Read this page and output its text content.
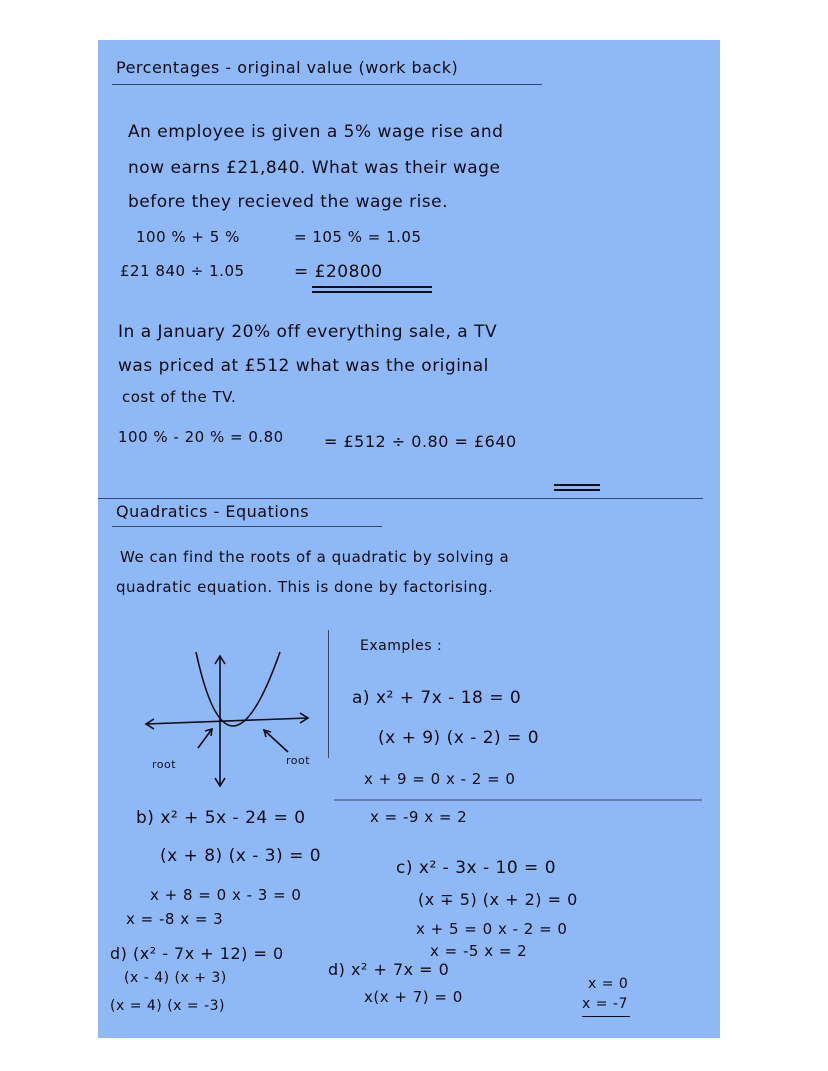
Percentages - original value (work back)
An employee is given a 5% wage rise and
now earns £21,840. What was their wage
before they recieved the wage rise.
100 % + 5 %	= 105 % = 1.05
£21 840 ÷ 1.05	= £20800
In a January 20% off everything sale, a TV
was priced at £512 what was the original
cost of the TV.
100 % - 20 % = 0.80	= £512 ÷ 0.80 = £640
Quadratics - Equations
We can find the roots of a quadratic by solving a
quadratic equation. This is done by factorising.
root	root
Examples :
a) x² + 7x - 18 = 0
(x + 9) (x - 2) = 0
x + 9 = 0 x - 2 = 0
x = -9 x = 2
b) x² + 5x - 24 = 0
(x + 8) (x - 3) = 0
x + 8 = 0 x - 3 = 0
x = -8 x = 3
c) x² - 3x - 10 = 0
(x ∓ 5) (x + 2) = 0
x + 5 = 0 x - 2 = 0
x = -5 x = 2
d) (x² - 7x + 12) = 0
(x - 4) (x + 3)
(x = 4) (x = -3)
d) x² + 7x = 0
x(x + 7) = 0
x = 0
x = -7
